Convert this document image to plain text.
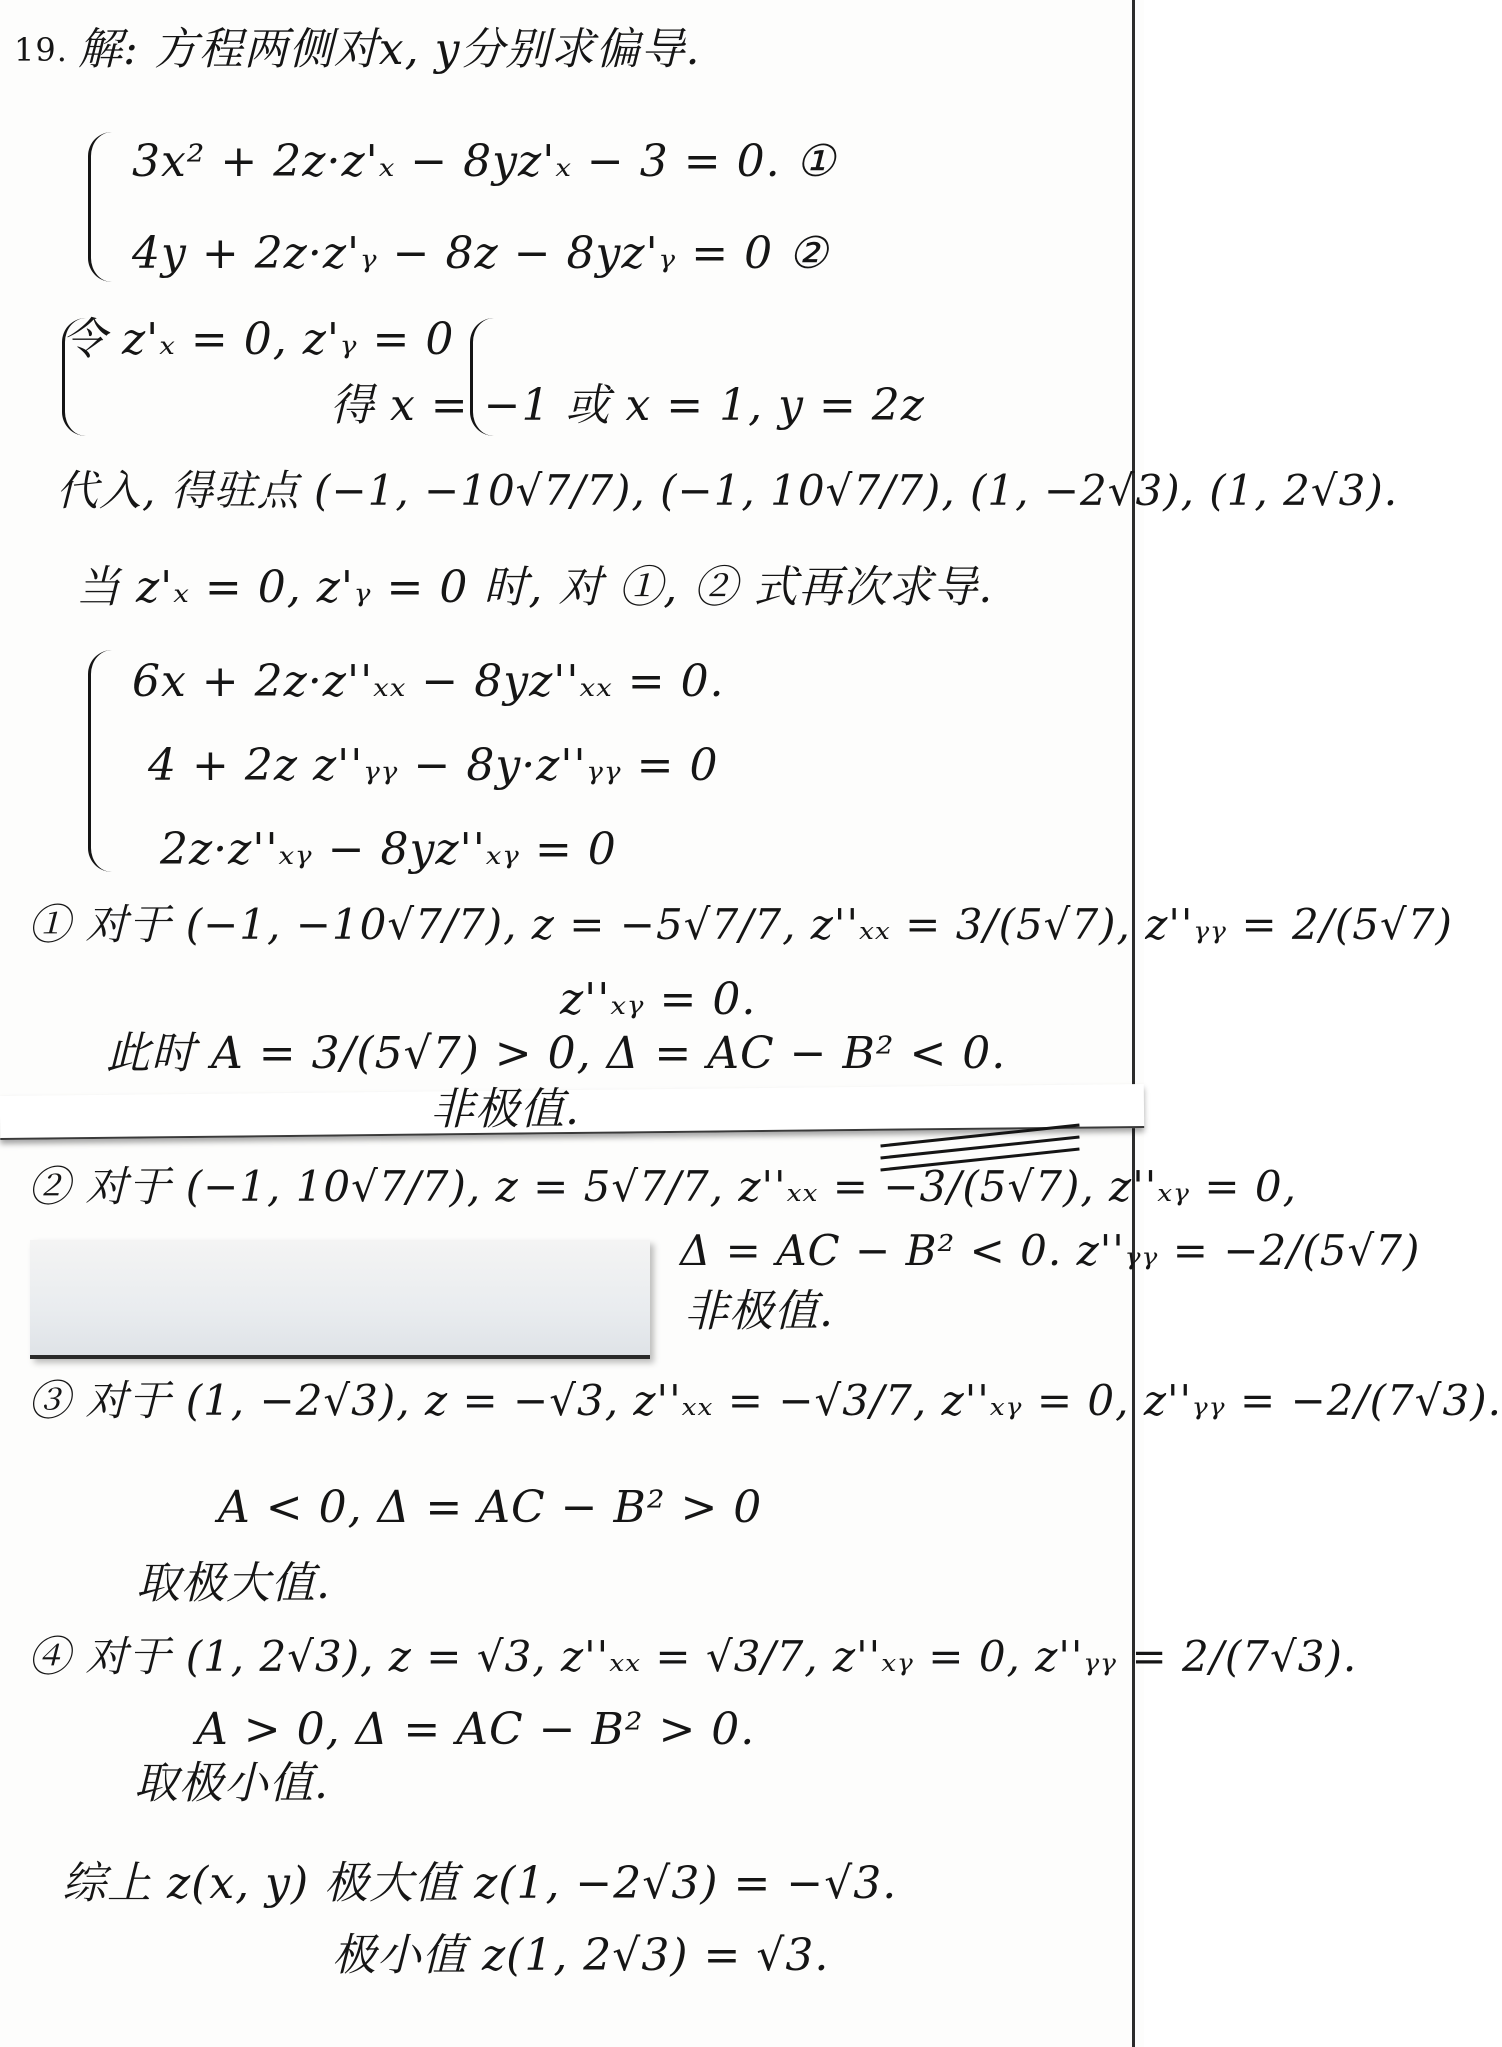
19. 解: 方程两侧对x, y分别求偏导.
3x² + 2z·z'ₓ − 8yz'ₓ − 3 = 0. ①
4y + 2z·z'ᵧ − 8z − 8yz'ᵧ = 0 ②
令 z'ₓ = 0, z'ᵧ = 0
得 x = −1 或 x = 1, y = 2z
代入, 得驻点 (−1, −10√7/7), (−1, 10√7/7), (1, −2√3), (1, 2√3).
当 z'ₓ = 0, z'ᵧ = 0 时, 对 ①, ② 式再次求导.
6x + 2z·z''ₓₓ − 8yz''ₓₓ = 0.
4 + 2z z''ᵧᵧ − 8y·z''ᵧᵧ = 0
2z·z''ₓᵧ − 8yz''ₓᵧ = 0
① 对于 (−1, −10√7/7), z = −5√7/7, z''ₓₓ = 3/(5√7), z''ᵧᵧ = 2/(5√7)
z''ₓᵧ = 0.
此时 A = 3/(5√7) > 0, Δ = AC − B² < 0.
非极值.
② 对于 (−1, 10√7/7), z = 5√7/7, z''ₓₓ = −3/(5√7), z''ₓᵧ = 0,
Δ = AC − B² < 0. z''ᵧᵧ = −2/(5√7)
非极值.
③ 对于 (1, −2√3), z = −√3, z''ₓₓ = −√3/7, z''ₓᵧ = 0, z''ᵧᵧ = −2/(7√3).
A < 0, Δ = AC − B² > 0
取极大值.
④ 对于 (1, 2√3), z = √3, z''ₓₓ = √3/7, z''ₓᵧ = 0, z''ᵧᵧ = 2/(7√3).
A > 0, Δ = AC − B² > 0.
取极小值.
综上 z(x, y) 极大值 z(1, −2√3) = −√3.
极小值 z(1, 2√3) = √3.
